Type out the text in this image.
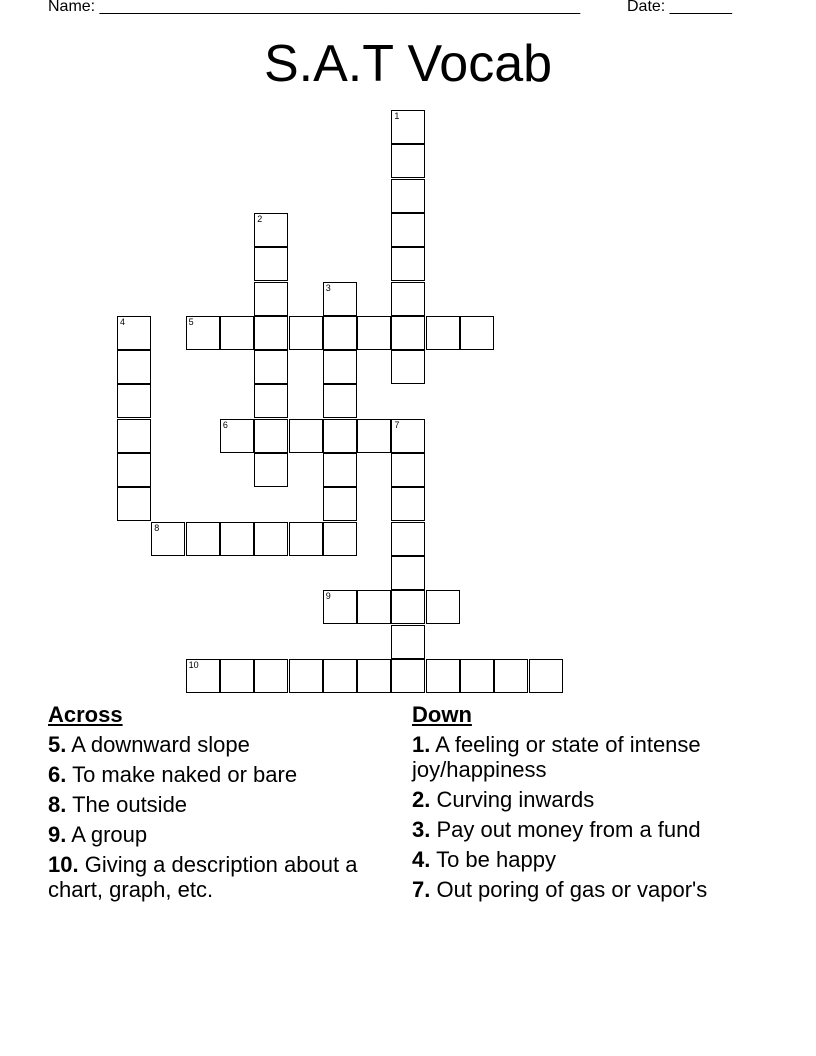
Name: ______________________________________________________	Date: _______
S.A.T Vocab
1
2
3
4	5
6	7
8
9
10
Across
5. A downward slope
6. To make naked or bare
8. The outside
9. A group
10. Giving a description about a chart, graph, etc.
Down
1. A feeling or state of intense joy/happiness
2. Curving inwards
3. Pay out money from a fund
4. To be happy
7. Out poring of gas or vapor's
